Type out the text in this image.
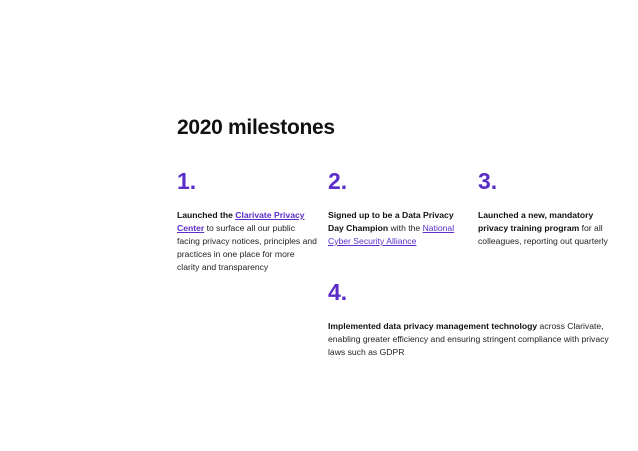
2020 milestones

1.

Launched the Clarivate Privacy Center to surface all our public facing privacy notices, principles and practices in one place for more clarity and transparency

2.

Signed up to be a Data Privacy Day Champion with the National Cyber Security Alliance

3.

Launched a new, mandatory privacy training program for all colleagues, reporting out quarterly

4.

Implemented data privacy management technology across Clarivate, enabling greater efficiency and ensuring stringent compliance with privacy laws such as GDPR
